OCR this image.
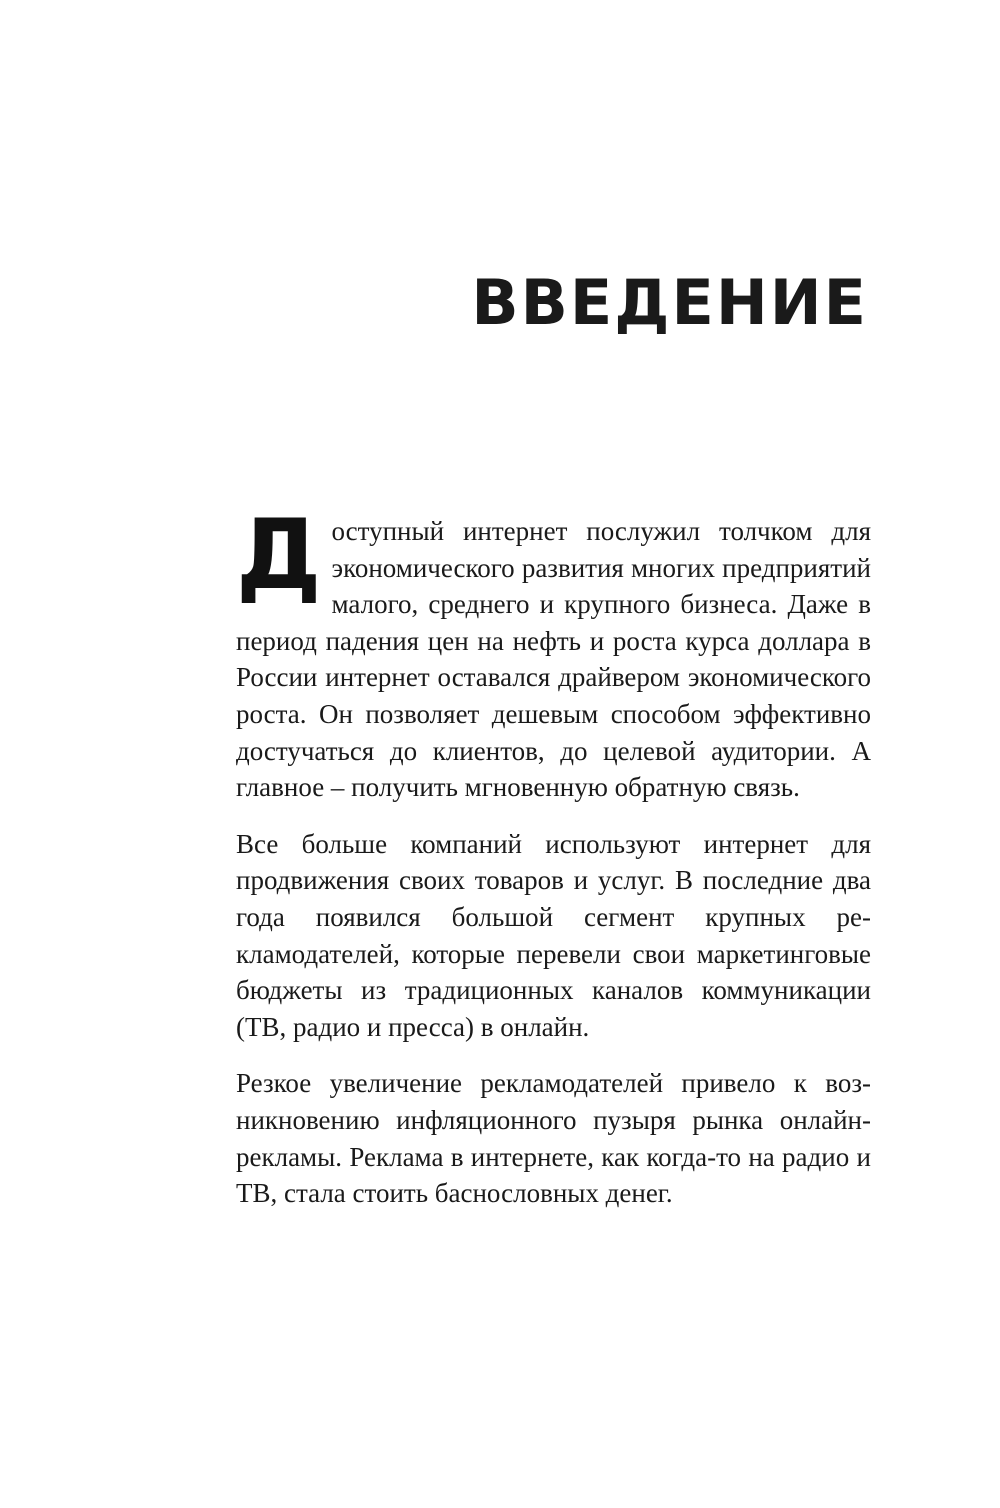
ВВЕДЕНИЕ

Доступный интернет послужил толчком для экономического развития многих предприятий малого, среднего и крупного бизнеса. Даже в период падения цен на нефть и роста курса доллара в России интернет оставался драйвером экономического роста. Он позволяет дешевым способом эффективно достучаться до клиентов, до целевой аудитории. А главное – получить мгновенную обратную связь.

Все больше компаний используют интернет для продвижения своих товаров и услуг. В последние два года появился большой сегмент крупных рекламодателей, которые перевели свои маркетинговые бюджеты из традиционных каналов коммуникации (ТВ, радио и пресса) в онлайн.

Резкое увеличение рекламодателей привело к возникновению инфляционного пузыря рынка онлайн-рекламы. Реклама в интернете, как когда-то на радио и ТВ, стала стоить баснословных денег.
